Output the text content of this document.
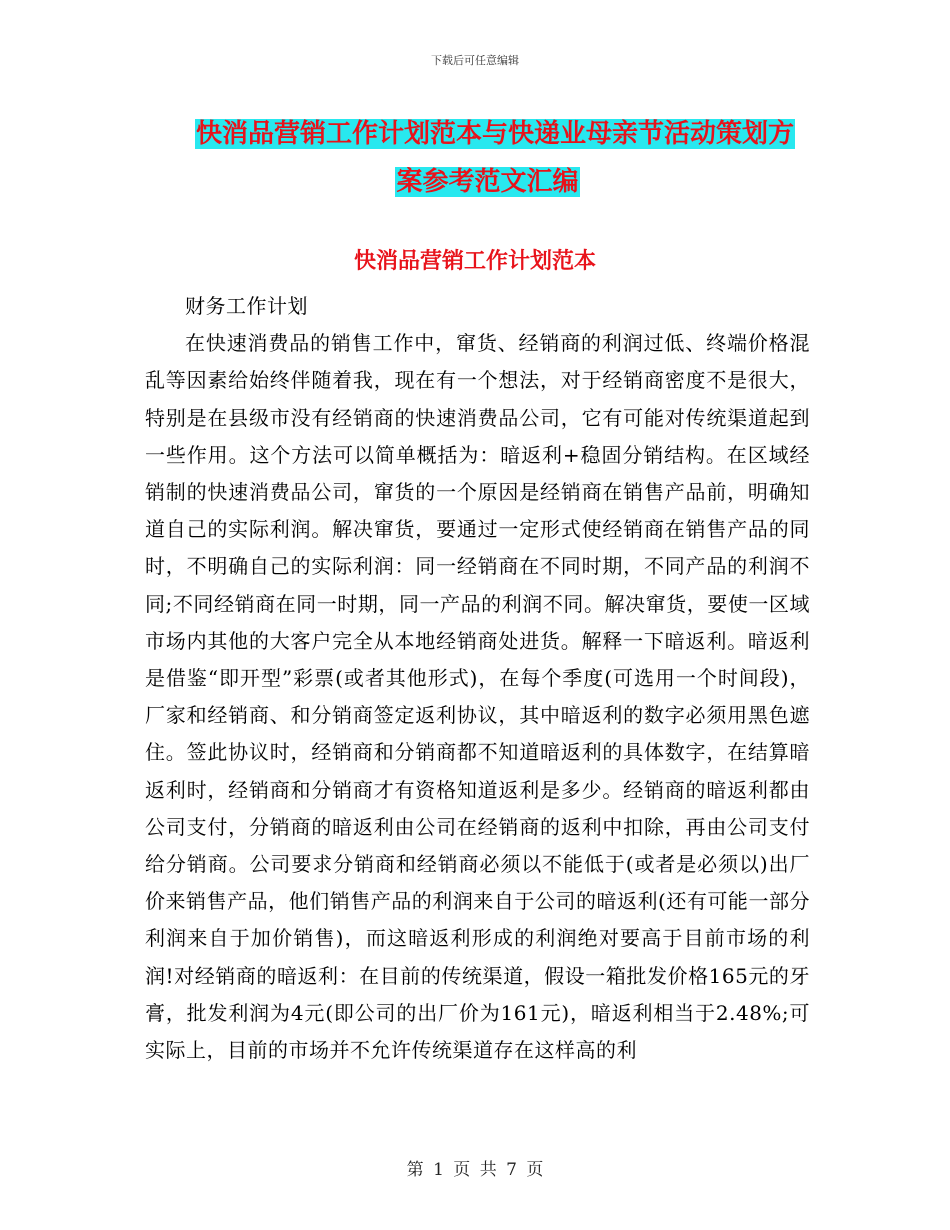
下载后可任意编辑
快消品营销工作计划范本与快递业母亲节活动策划方
案参考范文汇编
快消品营销工作计划范本

财务工作计划

在快速消费品的销售工作中，窜货、经销商的利润过低、终端价格混乱等因素给始终伴随着我，现在有一个想法，对于经销商密度不是很大，特别是在县级市没有经销商的快速消费品公司，它有可能对传统渠道起到一些作用。这个方法可以简单概括为：暗返利+稳固分销结构。在区域经销制的快速消费品公司，窜货的一个原因是经销商在销售产品前，明确知道自己的实际利润。解决窜货，要通过一定形式使经销商在销售产品的同时，不明确自己的实际利润：同一经销商在不同时期，不同产品的利润不同;不同经销商在同一时期，同一产品的利润不同。解决窜货，要使一区域市场内其他的大客户完全从本地经销商处进货。解释一下暗返利。暗返利是借鉴“即开型”彩票(或者其他形式)，在每个季度(可选用一个时间段)，厂家和经销商、和分销商签定返利协议，其中暗返利的数字必须用黑色遮住。签此协议时，经销商和分销商都不知道暗返利的具体数字，在结算暗返利时，经销商和分销商才有资格知道返利是多少。经销商的暗返利都由公司支付，分销商的暗返利由公司在经销商的返利中扣除，再由公司支付给分销商。公司要求分销商和经销商必须以不能低于(或者是必须以)出厂价来销售产品，他们销售产品的利润来自于公司的暗返利(还有可能一部分利润来自于加价销售)，而这暗返利形成的利润绝对要高于目前市场的利润!对经销商的暗返利：在目前的传统渠道，假设一箱批发价格165元的牙膏，批发利润为4元(即公司的出厂价为161元)，暗返利相当于2.48%;可实际上，目前的市场并不允许传统渠道存在这样高的利

第 1 页 共 7 页
